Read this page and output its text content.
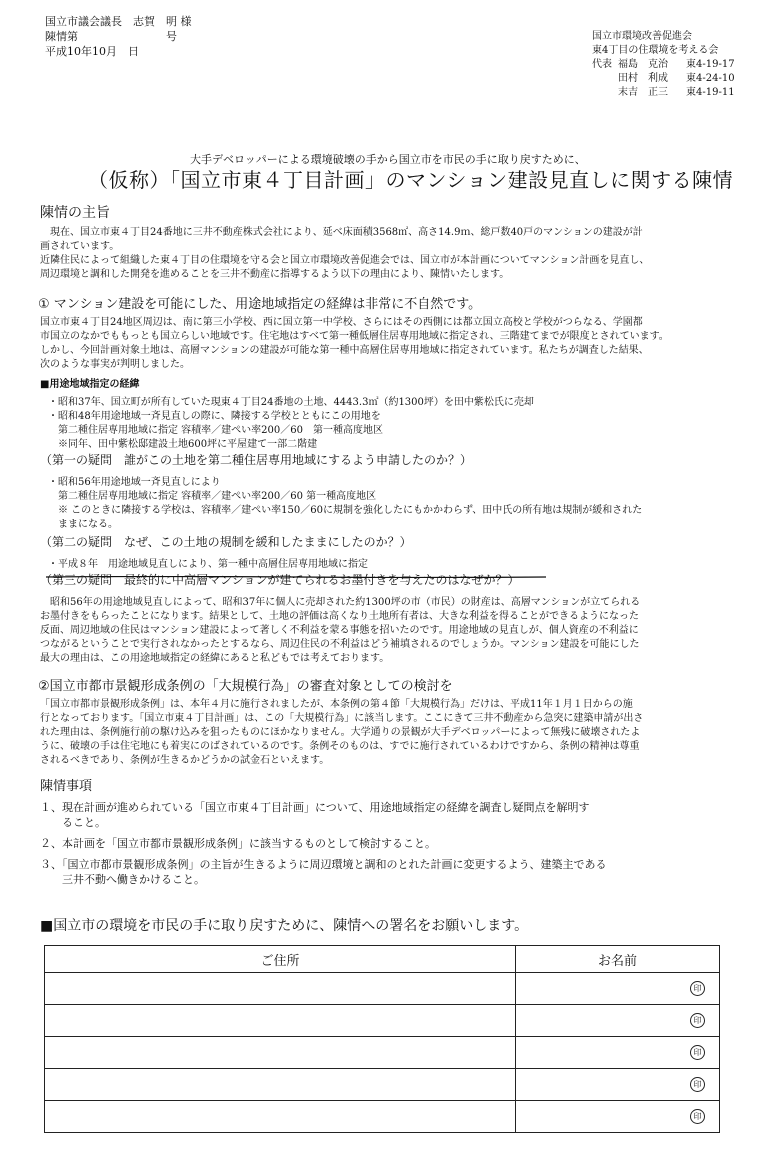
国立市議会議長　志賀　明 様
陳情第　　　　　　　　号
平成10年10月　日
国立市環境改善促進会
東4丁目の住環境を考える会
代表 福島　克治 東4-19-17
田村　利成 東4-24-10
末吉　正三 東4-19-11
大手デベロッパーによる環境破壊の手から国立市を市民の手に取り戻すために、
（仮称）「国立市東４丁目計画」のマンション建設見直しに関する陳情
陳情の主旨
　現在、国立市東４丁目24番地に三井不動産株式会社により、延べ床面積3568㎡、高さ14.9ｍ、総戸数40戸のマンションの建設が計
画されています。
近隣住民によって組織した東４丁目の住環境を守る会と国立市環境改善促進会では、国立市が本計画についてマンション計画を見直し、
周辺環境と調和した開発を進めることを三井不動産に指導するよう以下の理由により、陳情いたします。
① マンション建設を可能にした、用途地域指定の経緯は非常に不自然です。
国立市東４丁目24地区周辺は、南に第三小学校、西に国立第一中学校、さらにはその西側には都立国立高校と学校がつらなる、学園都
市国立のなかでももっとも国立らしい地域です。住宅地はすべて第一種低層住居専用地域に指定され、三階建てまでが限度とされています。
しかし、今回計画対象土地は、高層マンションの建設が可能な第一種中高層住居専用地域に指定されています。私たちが調査した結果、
次のような事実が判明しました。
■用途地域指定の経緯
・昭和37年、国立町が所有していた現東４丁目24番地の土地、4443.3㎡（約1300坪）を田中紫松氏に売却
・昭和48年用途地域一斉見直しの際に、隣接する学校とともにこの用地を
　第二種住居専用地域に指定 容積率／建ぺい率200／60　第一種高度地区
　※同年、田中紫松邸建設土地600坪に平屋建て一部二階建
（第一の疑問　誰がこの土地を第二種住居専用地域にするよう申請したのか？）
・昭和56年用途地域一斉見直しにより
　第二種住居専用地域に指定 容積率／建ぺい率200／60 第一種高度地区
　※ このときに隣接する学校は、容積率／建ぺい率150／60に規制を強化したにもかかわらず、田中氏の所有地は規制が緩和された
　ままになる。
（第二の疑問　なぜ、この土地の規制を緩和したままにしたのか？）
・平成８年　用途地域見直しにより、第一種中高層住居専用地域に指定
（第三の疑問　最終的に中高層マンションが建てられるお墨付きを与えたのはなぜか？）
　昭和56年の用途地域見直しによって、昭和37年に個人に売却された約1300坪の市（市民）の財産は、高層マンションが立てられる
お墨付きをもらったことになります。結果として、土地の評価は高くなり土地所有者は、大きな利益を得ることができるようになった
反面、周辺地域の住民はマンション建設によって著しく不利益を蒙る事態を招いたのです。用途地域の見直しが、個人資産の不利益に
つながるということで実行されなかったとするなら、周辺住民の不利益はどう補填されるのでしょうか。マンション建設を可能にした
最大の理由は、この用途地域指定の経緯にあると私どもでは考えております。
②国立市都市景観形成条例の「大規模行為」の審査対象としての検討を
「国立市都市景観形成条例」は、本年４月に施行されましたが、本条例の第４節「大規模行為」だけは、平成11年１月１日からの施
行となっております。「国立市東４丁目計画」は、この「大規模行為」に該当します。ここにきて三井不動産から急突に建築申請が出さ
れた理由は、条例施行前の駆け込みを狙ったものにほかなりません。大学通りの景観が大手デベロッパーによって無残に破壊されたよ
うに、破壊の手は住宅地にも着実にのばされているのです。条例そのものは、すでに施行されているわけですから、条例の精神は尊重
されるべきであり、条例が生きるかどうかの試金石といえます。
陳情事項
１、現在計画が進められている「国立市東４丁目計画」について、用途地域指定の経緯を調査し疑問点を解明す
　　ること。
２、本計画を「国立市都市景観形成条例」に該当するものとして検討すること。
３、「国立市都市景観形成条例」の主旨が生きるように周辺環境と調和のとれた計画に変更するよう、建築主である
　　三井不動へ働きかけること。
■国立市の環境を市民の手に取り戻すために、陳情への署名をお願いします。
ご住所	お名前

	印

	印

	印

	印

	印
